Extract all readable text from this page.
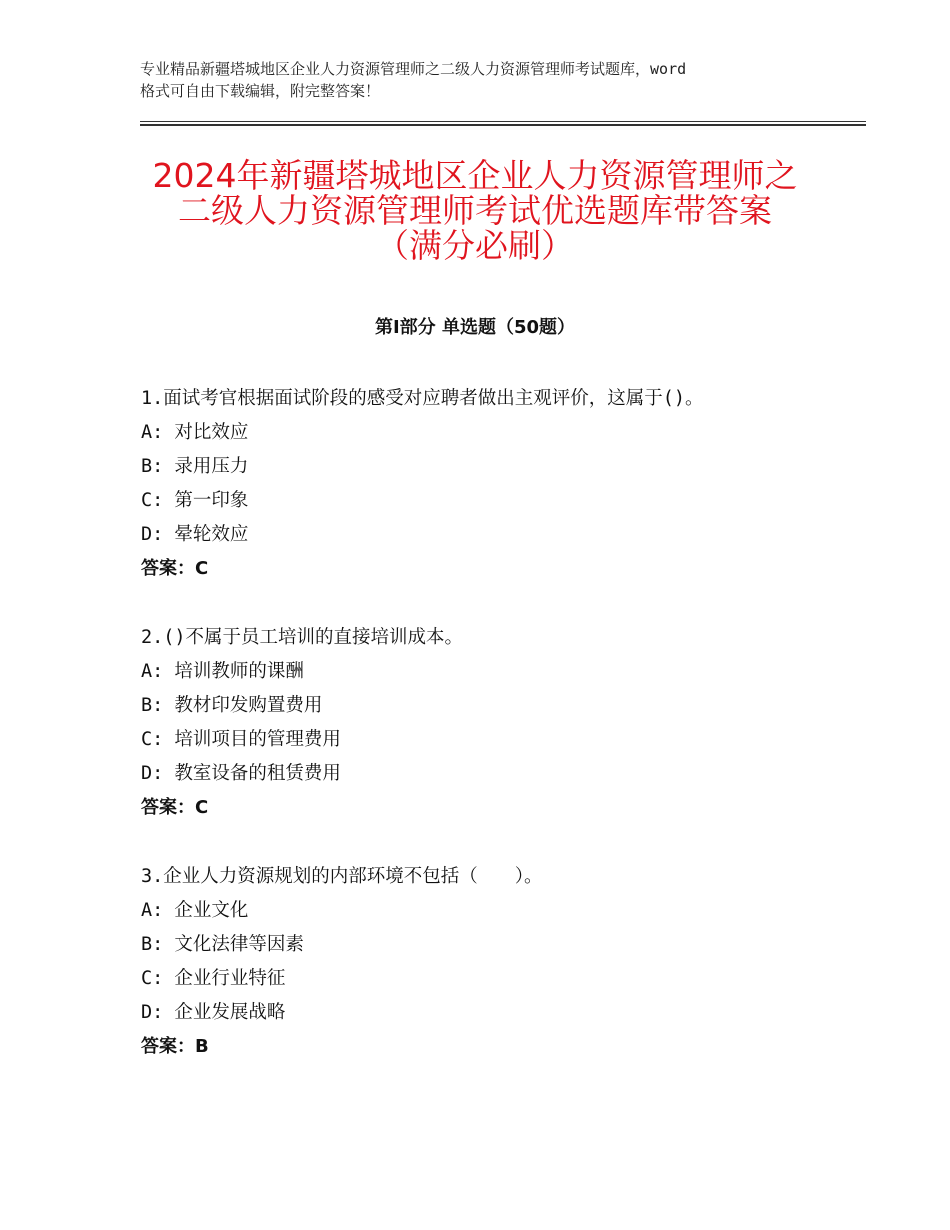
专业精品新疆塔城地区企业人力资源管理师之二级人力资源管理师考试题库，word
格式可自由下载编辑，附完整答案！
2024年新疆塔城地区企业人力资源管理师之
二级人力资源管理师考试优选题库带答案
（满分必刷）
第Ⅰ部分 单选题（50题）
1.面试考官根据面试阶段的感受对应聘者做出主观评价，这属于()。
A: 对比效应
B: 录用压力
C: 第一印象
D: 晕轮效应
答案：C
2.()不属于员工培训的直接培训成本。
A: 培训教师的课酬
B: 教材印发购置费用
C: 培训项目的管理费用
D: 教室设备的租赁费用
答案：C
3.企业人力资源规划的内部环境不包括（　　）。
A: 企业文化
B: 文化法律等因素
C: 企业行业特征
D: 企业发展战略
答案：B
